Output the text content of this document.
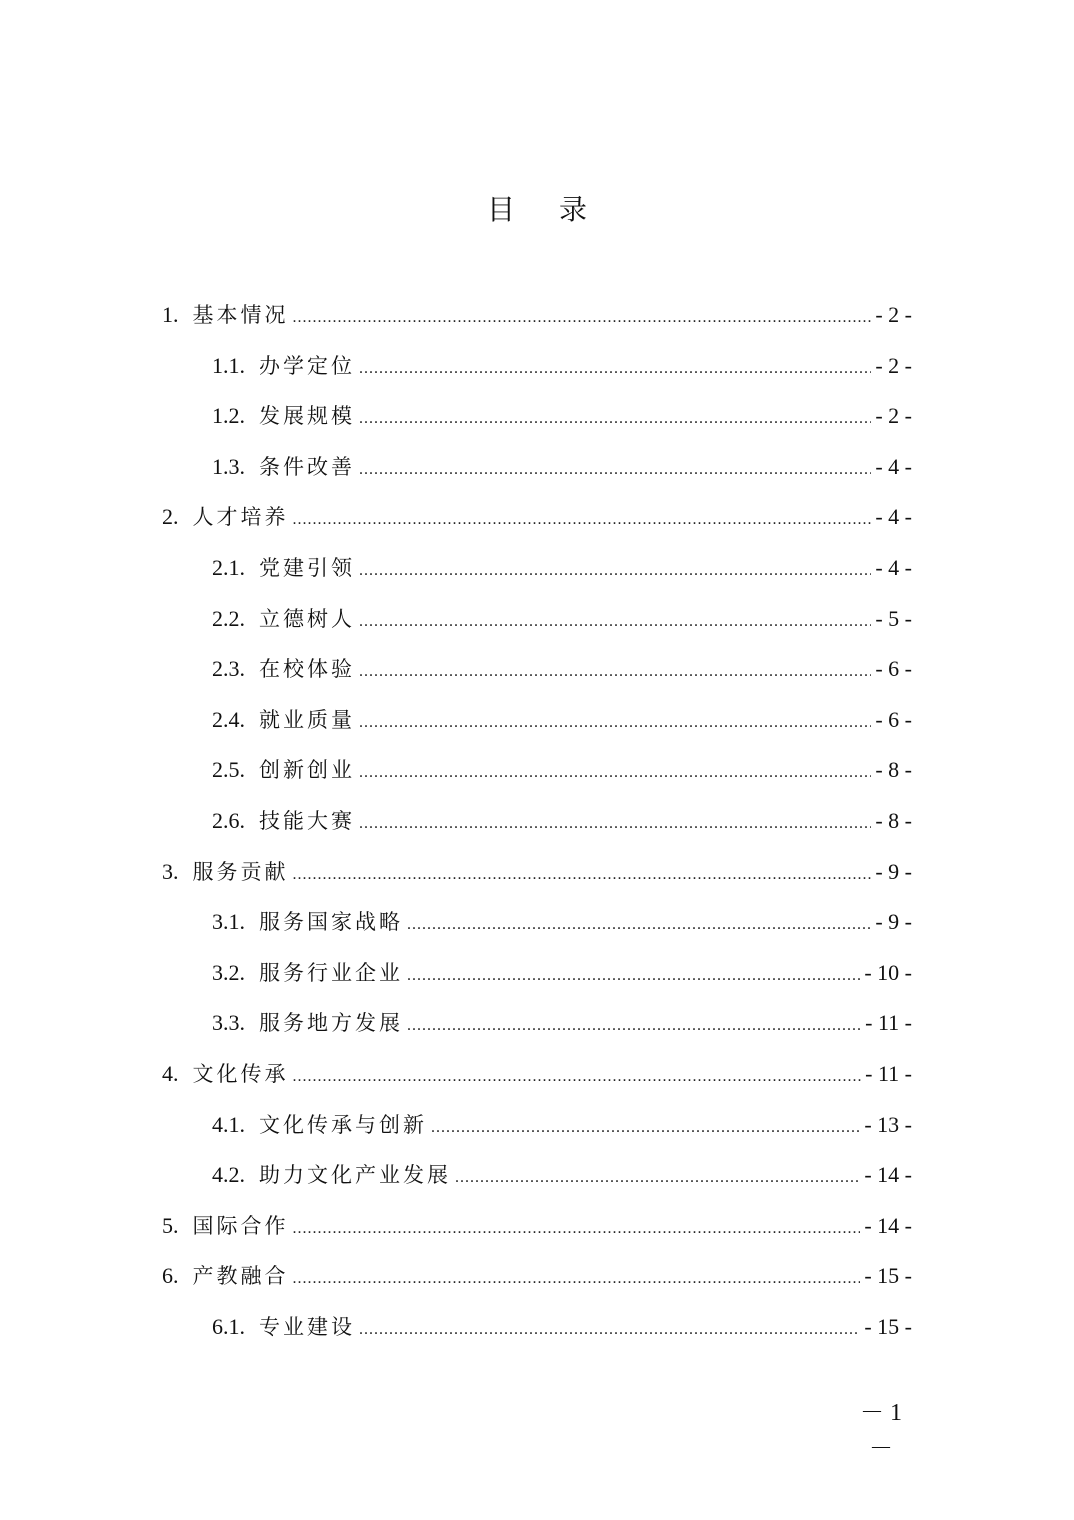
目录
1. 基本情况 .....	- 2 -
1.1. 办学定位 .....	- 2 -
1.2. 发展规模 .....	- 2 -
1.3. 条件改善 .....	- 4 -
2. 人才培养 .....	- 4 -
2.1. 党建引领 .....	- 4 -
2.2. 立德树人 .....	- 5 -
2.3. 在校体验 .....	- 6 -
2.4. 就业质量 .....	- 6 -
2.5. 创新创业 .....	- 8 -
2.6. 技能大赛 .....	- 8 -
3. 服务贡献 .....	- 9 -
3.1. 服务国家战略 .....	- 9 -
3.2. 服务行业企业 .....	- 10 -
3.3. 服务地方发展 .....	- 11 -
4. 文化传承 .....	- 11 -
4.1. 文化传承与创新 .....	- 13 -
4.2. 助力文化产业发展 .....	- 14 -
5. 国际合作 .....	- 14 -
6. 产教融合 .....	- 15 -
6.1. 专业建设 .....	- 15 -
－ 1 －
